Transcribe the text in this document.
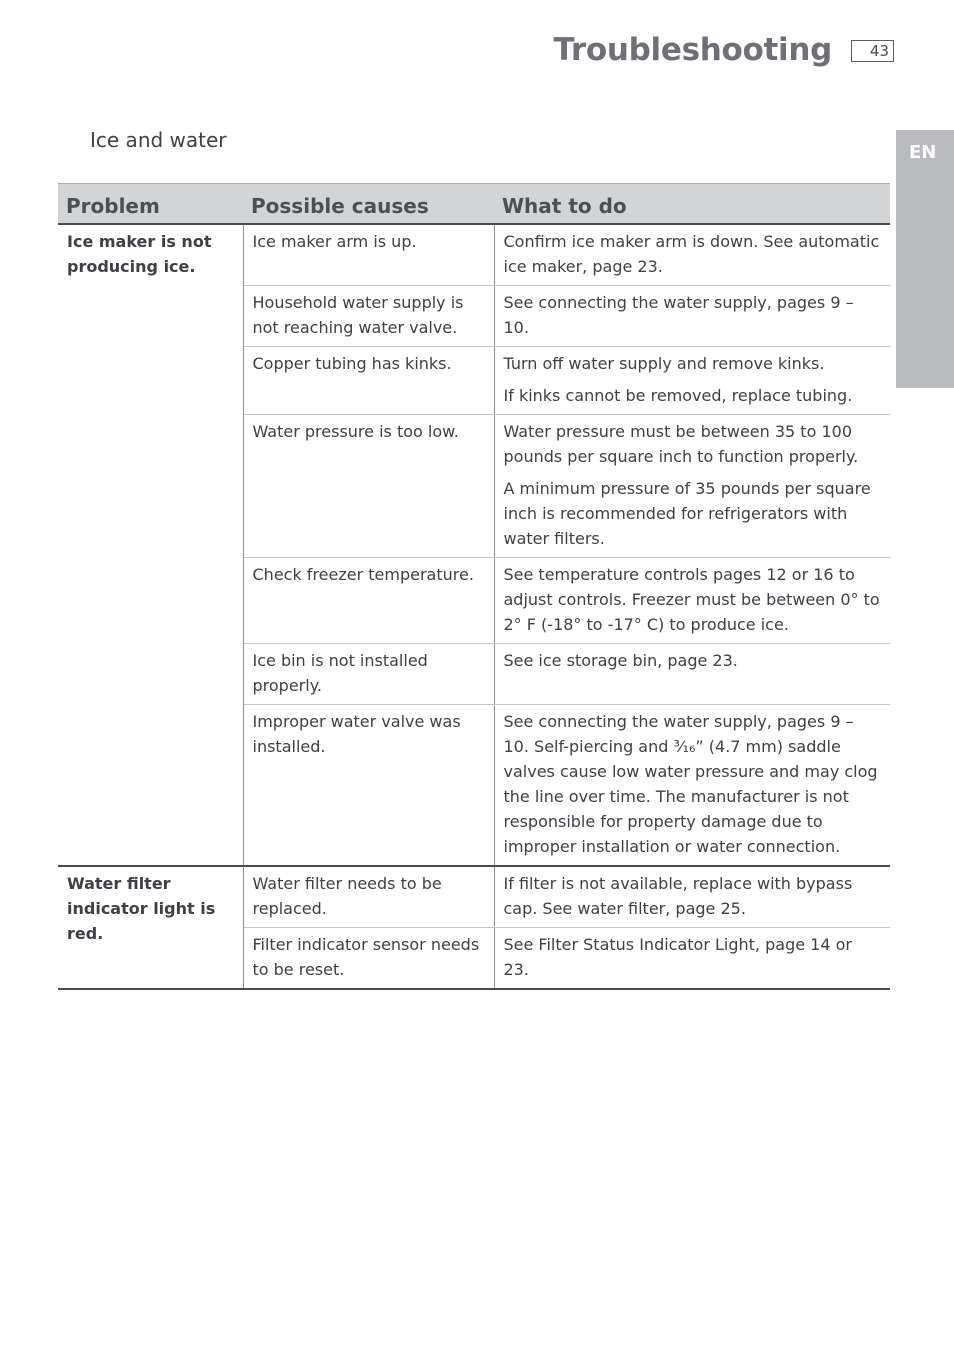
Troubleshooting	43
EN
Ice and water
Problem	Possible causes	What to do
Ice maker is not producing ice.	Ice maker arm is up.	Confirm ice maker arm is down. See automatic ice maker, page 23.

	Household water supply is not reaching water valve.	See connecting the water supply, pages 9 – 10.

	Copper tubing has kinks.	Turn off water supply and remove kinks.

If kinks cannot be removed, replace tubing.

	Water pressure is too low.	Water pressure must be between 35 to 100 pounds per square inch to function properly.

A minimum pressure of 35 pounds per square inch is recommended for refrigerators with water filters.

	Check freezer temperature.	See temperature controls pages 12 or 16 to adjust controls. Freezer must be between 0° to 2° F (-18° to -17° C) to produce ice.

	Ice bin is not installed properly.	See ice storage bin, page 23.

	Improper water valve was installed.	See connecting the water supply, pages 9 – 10. Self-piercing and ³⁄₁₆” (4.7 mm) saddle valves cause low water pressure and may clog the line over time. The manufacturer is not responsible for property damage due to improper installation or water connection.

Water filter indicator light is red.	Water filter needs to be replaced.	If filter is not available, replace with bypass cap. See water filter, page 25.

	Filter indicator sensor needs to be reset.	See Filter Status Indicator Light, page 14 or 23.
